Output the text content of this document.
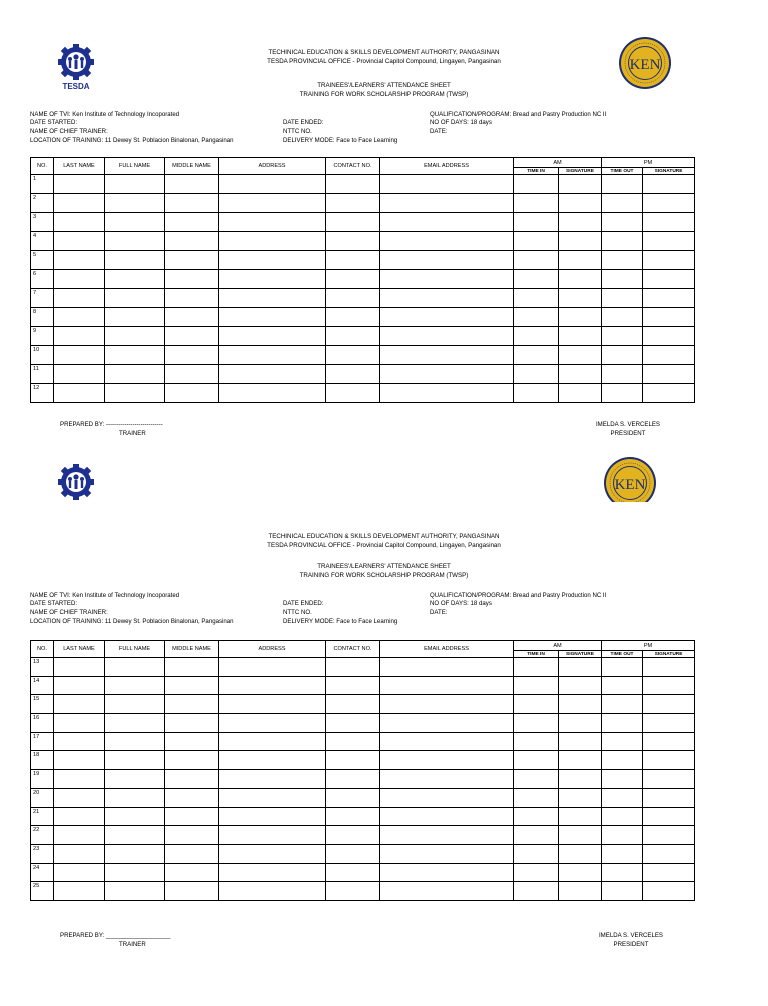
TESDA
KEN
TECHINICAL EDUCATION & SKILLS DEVELOPMENT AUTHORITY, PANGASINAN
TESDA PROVINCIAL OFFICE - Provincial Capitol Compound, Lingayen, Pangasinan
TRAINEES'/LEARNERS' ATTENDANCE SHEET
TRAINING FOR WORK SCHOLARSHIP PROGRAM (TWSP)
NAME OF TVI: Ken Institute of Technology Incoporated
DATE STARTED:
NAME OF CHIEF TRAINER:
LOCATION OF TRAINING: 11 Dewey St. Poblacion Binalonan, Pangasinan
DATE ENDED:
NTTC NO.
DELIVERY MODE: Face to Face Learning
QUALIFICATION/PROGRAM: Bread and Pastry Production NC II
NO OF DAYS: 18 days
DATE:
NO.	LAST NAME	FULL NAME	MIDDLE NAME	ADDRESS	CONTACT NO.	EMAIL ADDRESS	AM		PM	
							TIME IN	SIGNATURE	TIME OUT	SIGNATURE
1										
2										
3										
4										
5										
6										
7										
8										
9										
10										
11										
12										
PREPARED BY: ----------------------------
TRAINER
IMELDA S. VERCELES
PRESIDENT
KEN
TECHINICAL EDUCATION & SKILLS DEVELOPMENT AUTHORITY, PANGASINAN
TESDA PROVINCIAL OFFICE - Provincial Capitol Compound, Lingayen, Pangasinan
TRAINEES'/LEARNERS' ATTENDANCE SHEET
TRAINING FOR WORK SCHOLARSHIP PROGRAM (TWSP)
NAME OF TVI: Ken Institute of Technology Incoporated
DATE STARTED:
NAME OF CHIEF TRAINER:
LOCATION OF TRAINING: 11 Dewey St. Poblacion Binalonan, Pangasinan
DATE ENDED:
NTTC NO.
DELIVERY MODE: Face to Face Learning
QUALIFICATION/PROGRAM: Bread and Pastry Production NC II
NO OF DAYS: 18 days
DATE:
NO.	LAST NAME	FULL NAME	MIDDLE NAME	ADDRESS	CONTACT NO.	EMAIL ADDRESS	AM		PM	
							TIME IN	SIGNATURE	TIME OUT	SIGNATURE
13										
14										
15										
16										
17										
18										
19										
20										
21										
22										
23										
24										
25										
PREPARED BY: ___________________
TRAINER
IMELDA S. VERCELES
PRESIDENT
